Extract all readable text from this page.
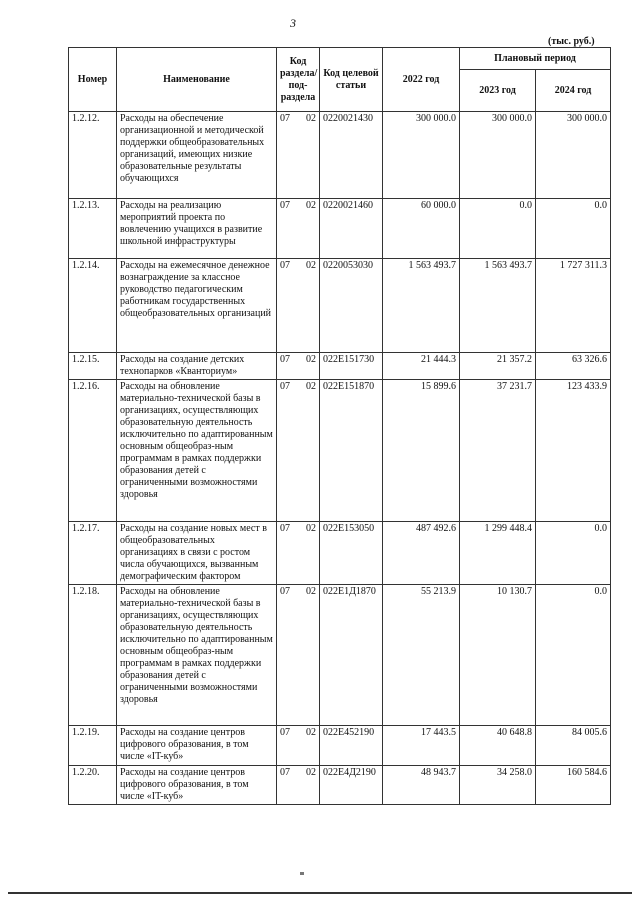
3
(тыс. руб.)
Номер	Наименование	Код раздела/под-раздела		Код целевой статьи	2022 год	Плановый период	
						2023 год	2024 год
1.2.12.	Расходы на обеспечение организационной и методической поддержки общеобразовательных организаций, имеющих низкие образовательные результаты обучающихся	07	02	0220021430	300 000.0	300 000.0	300 000.0
1.2.13.	Расходы на реализацию мероприятий проекта по вовлечению учащихся в развитие школьной инфраструктуры	07	02	0220021460	60 000.0	0.0	0.0
1.2.14.	Расходы на ежемесячное денежное вознаграждение за классное руководство педагогическим работникам государственных общеобразовательных организаций	07	02	0220053030	1 563 493.7	1 563 493.7	1 727 311.3
1.2.15.	Расходы на создание детских технопарков «Кванториум»	07	02	022E151730	21 444.3	21 357.2	63 326.6
1.2.16.	Расходы на обновление материально-технической базы в организациях, осуществляющих образовательную деятельность исключительно по адаптированным основным общеобраз-ным программам в рамках поддержки образования детей с ограниченными возможностями здоровья	07	02	022E151870	15 899.6	37 231.7	123 433.9
1.2.17.	Расходы на создание новых мест в общеобразовательных организациях в связи с ростом числа обучающихся, вызванным демографическим фактором	07	02	022E153050	487 492.6	1 299 448.4	0.0
1.2.18.	Расходы на обновление материально-технической базы в организациях, осуществляющих образовательную деятельность исключительно по адаптированным основным общеобраз-ным программам в рамках поддержки образования детей с ограниченными возможностями здоровья	07	02	022E1Д1870	55 213.9	10 130.7	0.0
1.2.19.	Расходы на создание центров цифрового образования, в том числе «IT-куб»	07	02	022E452190	17 443.5	40 648.8	84 005.6
1.2.20.	Расходы на создание центров цифрового образования, в том числе «IT-куб»	07	02	022E4Д2190	48 943.7	34 258.0	160 584.6
